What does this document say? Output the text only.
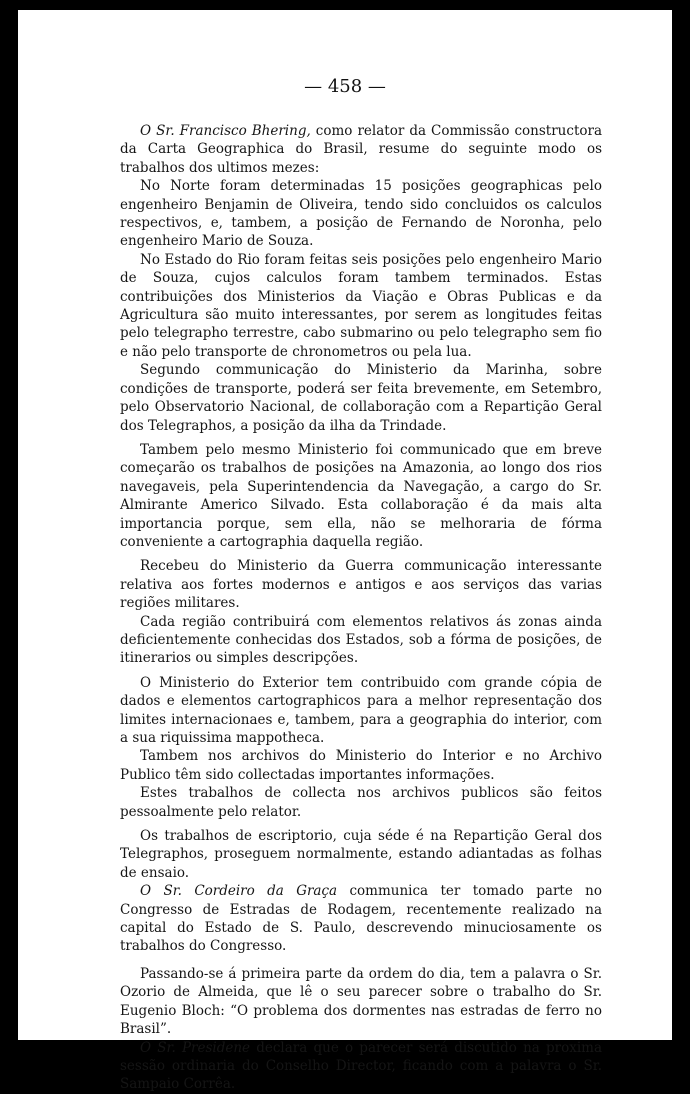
— 458 —

O Sr. Francisco Bhering, como relator da Commissão constructora da Carta Geographica do Brasil, resume do seguinte modo os trabalhos dos ultimos mezes:

No Norte foram determinadas 15 posições geographicas pelo engenheiro Benjamin de Oliveira, tendo sido concluidos os calculos respectivos, e, tambem, a posição de Fernando de Noronha, pelo engenheiro Mario de Souza.

No Estado do Rio foram feitas seis posições pelo engenheiro Mario de Souza, cujos calculos foram tambem terminados. Estas contribuições dos Ministerios da Viação e Obras Publicas e da Agricultura são muito interessantes, por serem as longitudes feitas pelo telegrapho terrestre, cabo submarino ou pelo telegrapho sem fio e não pelo transporte de chronometros ou pela lua.

Segundo communicação do Ministerio da Marinha, sobre condições de transporte, poderá ser feita brevemente, em Setembro, pelo Observatorio Nacional, de collaboração com a Repartição Geral dos Telegraphos, a posição da ilha da Trindade.

Tambem pelo mesmo Ministerio foi communicado que em breve começarão os trabalhos de posições na Amazonia, ao longo dos rios navegaveis, pela Superintendencia da Navegação, a cargo do Sr. Almirante Americo Silvado. Esta collaboração é da mais alta importancia porque, sem ella, não se melhoraria de fórma conveniente a cartographia daquella região.

Recebeu do Ministerio da Guerra communicação interessante relativa aos fortes modernos e antigos e aos serviços das varias regiões militares.

Cada região contribuirá com elementos relativos ás zonas ainda deficientemente conhecidas dos Estados, sob a fórma de posições, de itinerarios ou simples descripções.

O Ministerio do Exterior tem contribuido com grande cópia de dados e elementos cartographicos para a melhor representação dos limites internacionaes e, tambem, para a geographia do interior, com a sua riquissima mappotheca.

Tambem nos archivos do Ministerio do Interior e no Archivo Publico têm sido collectadas importantes informações.

Estes trabalhos de collecta nos archivos publicos são feitos pessoalmente pelo relator.

Os trabalhos de escriptorio, cuja séde é na Repartição Geral dos Telegraphos, proseguem normalmente, estando adiantadas as folhas de ensaio.

O Sr. Cordeiro da Graça communica ter tomado parte no Congresso de Estradas de Rodagem, recentemente realizado na capital do Estado de S. Paulo, descrevendo minuciosamente os trabalhos do Congresso.

Passando-se á primeira parte da ordem do dia, tem a palavra o Sr. Ozorio de Almeida, que lê o seu parecer sobre o trabalho do Sr. Eugenio Bloch: “O problema dos dormentes nas estradas de ferro no Brasil”.

O Sr. Presidene declara que o parecer será discutido na proxima sessão ordinaria do Conselho Director, ficando com a palavra o Sr. Sampaio Corrêa.
